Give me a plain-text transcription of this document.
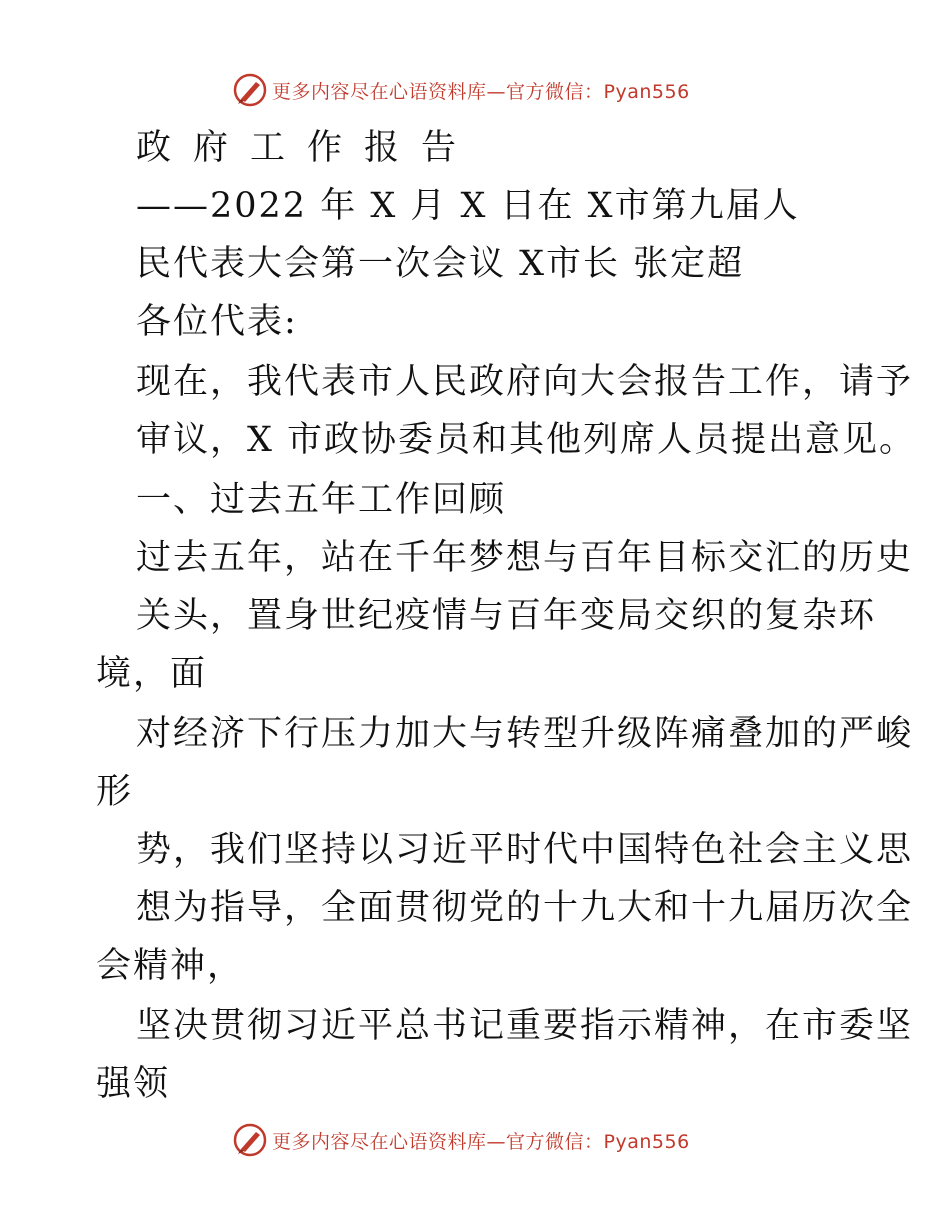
更多内容尽在心语资料库—官方微信：Pyan556
政府工作报告
——2022 年 X 月 X 日在 X市第九届人
民代表大会第一次会议 X市长 张定超
各位代表:
现在，我代表市人民政府向大会报告工作，请予
审议，X 市政协委员和其他列席人员提出意见。
一、过去五年工作回顾
过去五年，站在千年梦想与百年目标交汇的历史
关头，置身世纪疫情与百年变局交织的复杂环
境，面
对经济下行压力加大与转型升级阵痛叠加的严峻
形
势，我们坚持以习近平时代中国特色社会主义思
想为指导，全面贯彻党的十九大和十九届历次全
会精神，
坚决贯彻习近平总书记重要指示精神，在市委坚
强领
更多内容尽在心语资料库—官方微信：Pyan556
